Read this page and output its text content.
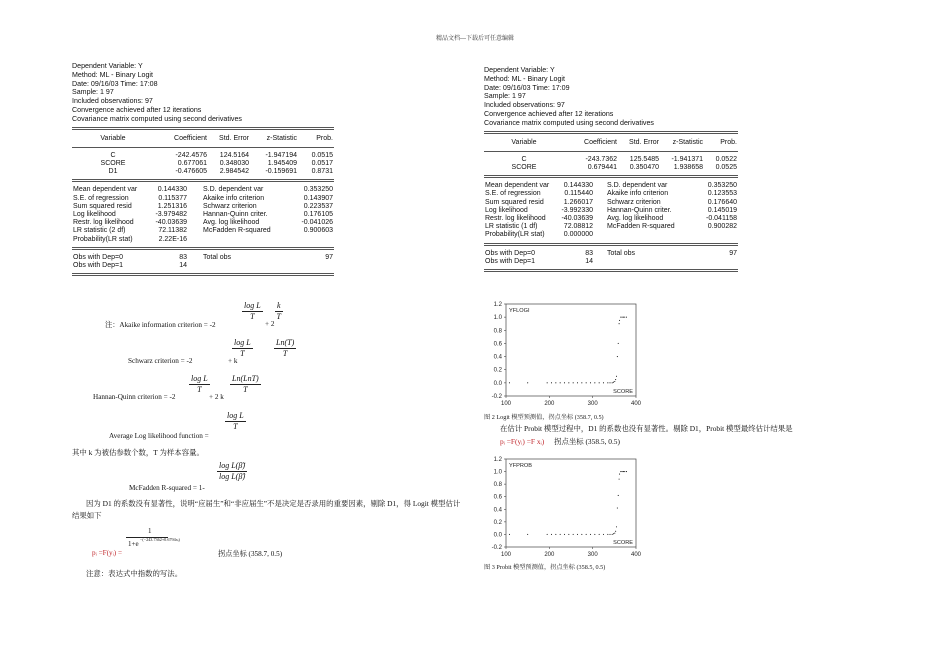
精品文档---下载后可任意编辑
Dependent Variable: Y
Method: ML - Binary Logit
Date: 09/16/03 Time: 17:08
Sample: 1 97
Included observations: 97
Convergence achieved after 12 iterations
Covariance matrix computed using second derivatives
Variable	Coefficient	Std. Error	z-Statistic	Prob.
C	-242.4576	124.5164	-1.947194	0.0515
SCORE	0.677061	0.348030	1.945409	0.0517
D1	-0.476605	2.984542	-0.159691	0.8731
Mean dependent var	0.144330		S.D. dependent var	0.353250
S.E. of regression	0.115377		Akaike info criterion	0.143907
Sum squared resid	1.251316		Schwarz criterion	0.223537
Log likelihood	-3.979482		Hannan-Quinn criter.	0.176105
Restr. log likelihood	-40.03639		Avg. log likelihood	-0.041026
LR statistic (2 df)	72.11382		McFadden R-squared	0.900603
Probability(LR stat)	2.22E-16			
Obs with Dep=0	83		Total obs	97
Obs with Dep=1	14			
$\frac{\text{log L}}{T} \frac{k}{T}$
注：Akaike information criterion = -2	+ 2
$\frac{\text{log L}}{T}$	$\frac{Ln(T)}{T}$
Schwarz criterion = -2	+ k
$\frac{\text{log L}}{T}$	Ln(LnT)
T
Hannan-Quinn criterion = -2	+ 2 k
$\frac{\text{log L}}{T}$
Average Log likelihood function =
其中 k 为被估参数个数，T 为样本容量。
$\frac{\text{log L(β̃)}}{\text{log L(β̂)}}$
McFadden R-squared = 1-
因为 D1 的系数没有显著性，说明“应届生”和“非应届生”不是决定是否录用的重要因素，剔除 D1，得 Logit 模型估计结果如下
1
1+e
−(−243.7362+0.6794xᵢ)
pᵢ =F(yᵢ) =	拐点坐标 (358.7, 0.5)
注意：表达式中指数的写法。
Dependent Variable: Y
Method: ML - Binary Logit
Date: 09/16/03 Time: 17:09
Sample: 1 97
Included observations: 97
Convergence achieved after 12 iterations
Covariance matrix computed using second derivatives
Variable	Coefficient	Std. Error	z-Statistic	Prob.
C	-243.7362	125.5485	-1.941371	0.0522
SCORE	0.679441	0.350470	1.938658	0.0525
Mean dependent var	0.144330		S.D. dependent var	0.353250
S.E. of regression	0.115440		Akaike info criterion	0.123553
Sum squared resid	1.266017		Schwarz criterion	0.176640
Log likelihood	-3.992330		Hannan-Quinn criter.	0.145019
Restr. log likelihood	-40.03639		Avg. log likelihood	-0.041158
LR statistic (1 df)	72.08812		McFadden R-squared	0.900282
Probability(LR stat)	0.000000			
Obs with Dep=0	83		Total obs	97
Obs with Dep=1	14			
-0.2
0.0
0.2
0.4
0.6
0.8
1.0
1.2
100	200	300	400
YFLOGI
SCORE
图 2 Logit 模型预测值，拐点坐标 (358.7, 0.5)
在估计 Probit 模型过程中，D1 的系数也没有显著性。剔除 D1，Probit 模型最终估计结果是
pᵢ =F(yᵢ) =F xᵢ) 拐点坐标 (358.5, 0.5)
-0.2
0.0
0.2
0.4
0.6
0.8
1.0
1.2
100	200	300	400
YFPROB
SCORE
图 3 Probit 模型预测值，拐点坐标 (358.5, 0.5)
